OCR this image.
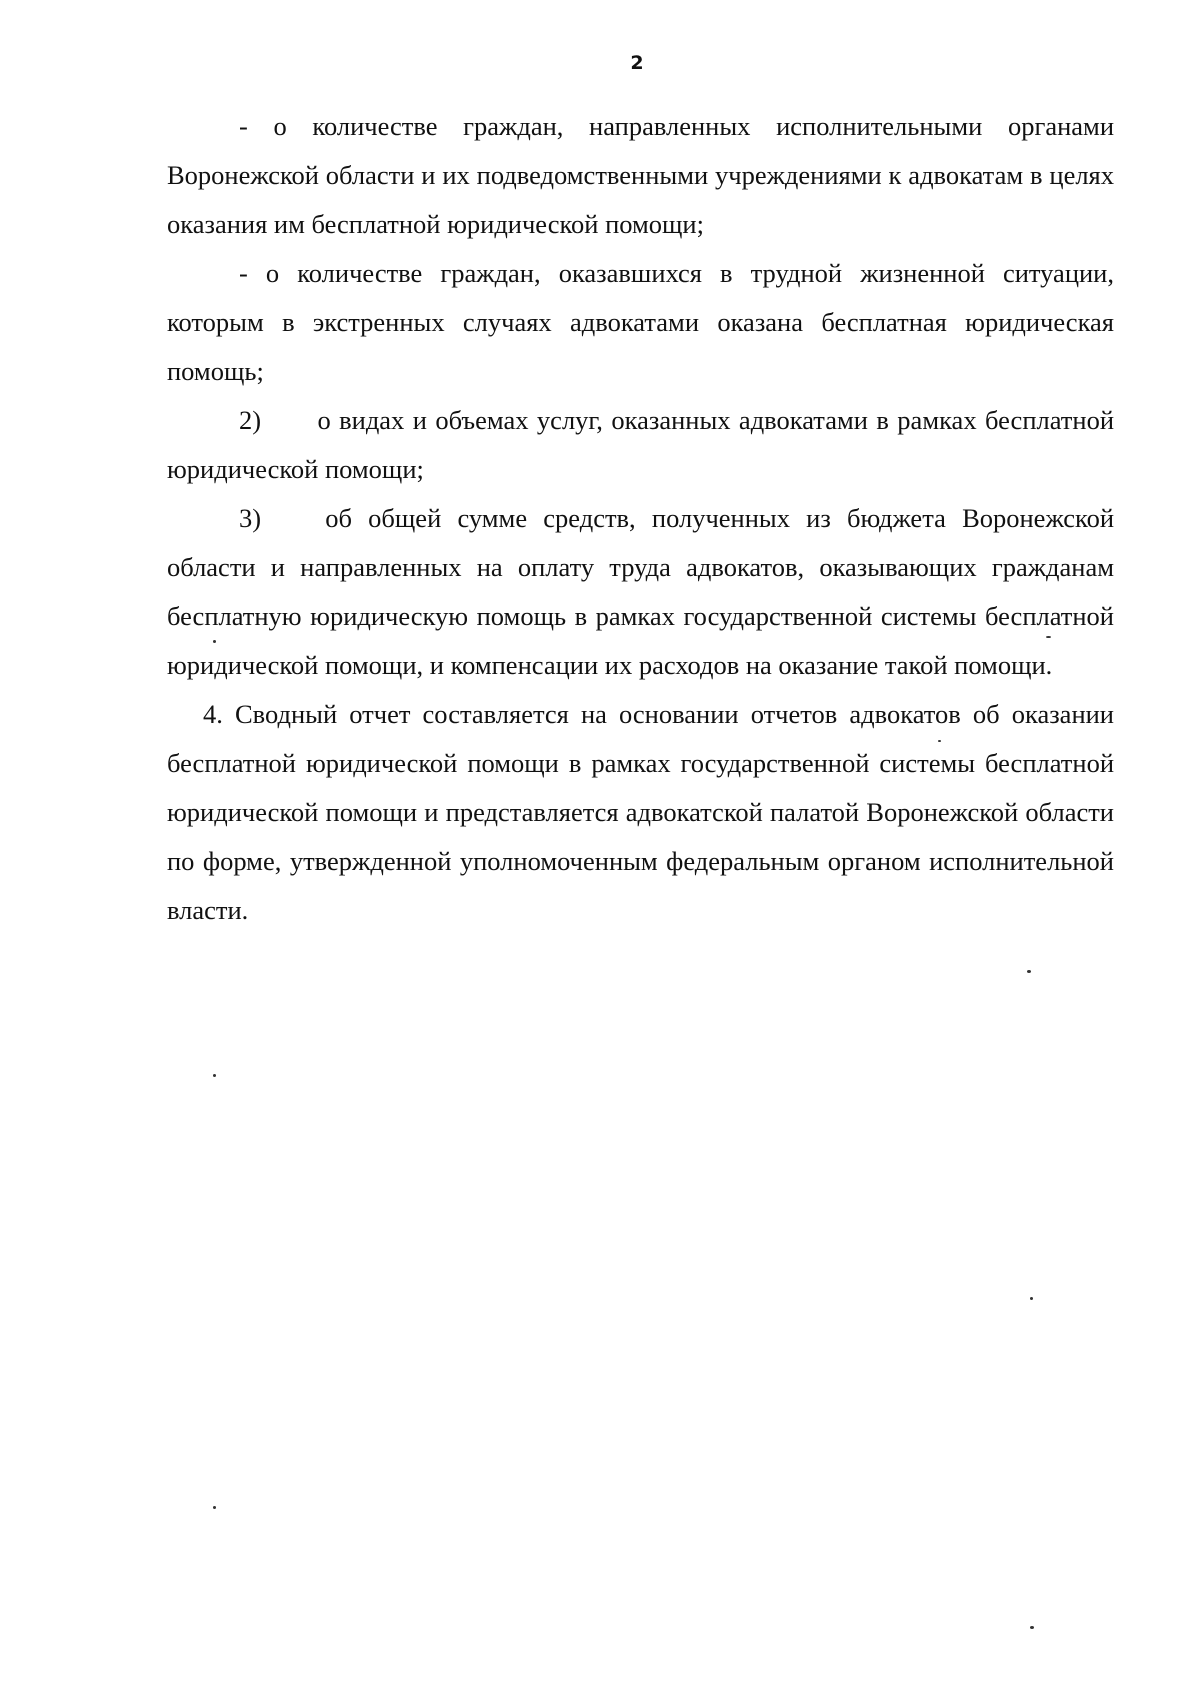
2

- о количестве граждан, направленных исполнительными органами Воронежской области и их подведомственными учреждениями к адвокатам в целях оказания им бесплатной юридической помощи;

- о количестве граждан, оказавшихся в трудной жизненной ситуации, которым в экстренных случаях адвокатами оказана бесплатная юридическая помощь;

2) о видах и объемах услуг, оказанных адвокатами в рамках бесплатной юридической помощи;

3) об общей сумме средств, полученных из бюджета Воронежской области и направленных на оплату труда адвокатов, оказывающих гражданам бесплатную юридическую помощь в рамках государственной системы бесплатной юридической помощи, и компенсации их расходов на оказание такой помощи.

4. Сводный отчет составляется на основании отчетов адвокатов об оказании бесплатной юридической помощи в рамках государственной системы бесплатной юридической помощи и представляется адвокатской палатой Воронежской области по форме, утвержденной уполномоченным федеральным органом исполнительной власти.
